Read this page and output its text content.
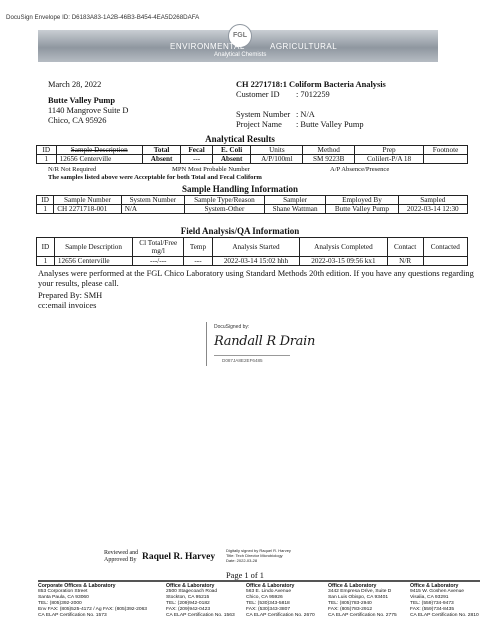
DocuSign Envelope ID: D6183A83-1A2B-46B3-B454-4EA5D268DAFA
FGL
ENVIRONMENTAL	AGRICULTURAL
Analytical Chemists
March 28, 2022
Butte Valley Pump
1140 Mangrove Suite D
Chico, CA 95926
CH 2271718:1 Coliform Bacteria Analysis
Customer ID : 7012259
System Number : N/A
Project Name : Butte Valley Pump
Analytical Results
ID	Sample Description	Total	Fecal	E. Coli	Units	Method	Prep	Footnote
1	12656 Centerville	Absent	---	Absent	A/P/100ml	SM 9223B	Colilert-P/A 18	
N/R Not Required	MPN Most Probable Number	A/P Absence/Presence
The samples listed above were Acceptable for both Total and Fecal Coliform
Sample Handling Information
ID	Sample Number	System Number	Sample Type/Reason	Sampler	Employed By	Sampled
1	CH 2271718-001	N/A	System-Other	Shane Wattman	Butte Valley Pump	2022-03-14 12:30
Field Analysis/QA Information
ID	Sample Description	Cl Total/Free mg/l	Temp	Analysis Started	Analysis Completed	Contact	Contacted
1	12656 Centerville	---/---	---	2022-03-14 15:02 hhh	2022-03-15 09:56 kx1	N/R	
Analyses were performed at the FGL Chico Laboratory using Standard Methods 20th edition. If you have any questions regarding
your results, please call.
Prepared By: SMH
cc:email invoices
DocuSigned by:
Randall R Drain
D087JA8E2EF6485
Reviewed and
Approved By Raquel R. Harvey
Digitally signed by Raquel R. Harvey
Title: Tech Director Microbiology
Date: 2022-03-28
Page 1 of 1
Corporate Offices & Laboratory
853 Corporation Street
Santa Paula, CA 93060
TEL: (805)392-2000
Env FAX: (805)525-4172 / Ag FAX: (805)392-2063
CA ELAP Certification No. 1573
Office & Laboratory
2500 Stagecoach Road
Stockton, CA 95215
TEL: (209)942-0182
FAX: (209)942-0423
CA ELAP Certification No. 1563
Office & Laboratory
563 E. Lindo Avenue
Chico, CA 95926
TEL: (530)343-5818
FAX: (530)343-3807
CA ELAP Certification No. 2670
Office & Laboratory
3442 Empresa Drive, Suite D
San Luis Obispo, CA 93401
TEL: (805)783-2940
FAX: (805)783-2912
CA ELAP Certification No. 2775
Office & Laboratory
9415 W. Goshen Avenue
Visalia, CA 93291
TEL: (559)734-9473
FAX: (559)734-8435
CA ELAP Certification No. 2810
